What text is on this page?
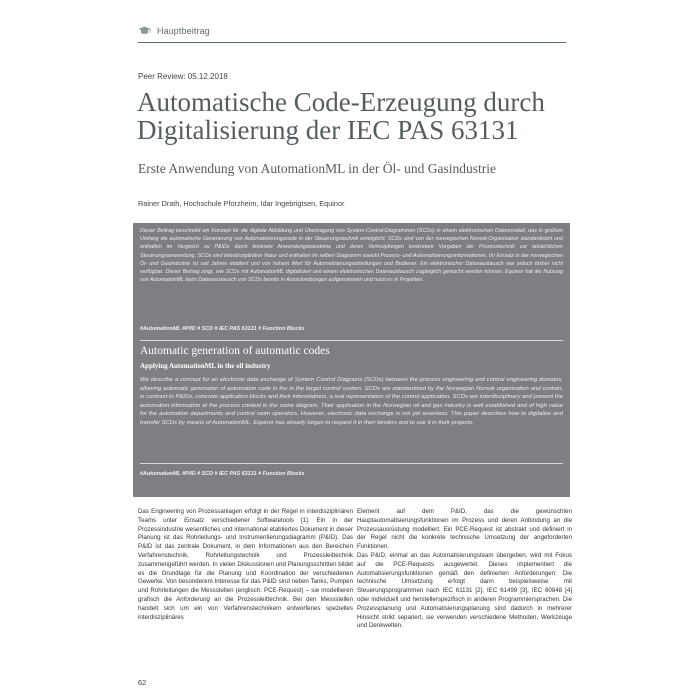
Hauptbeitrag
Peer Review: 05.12.2018
Automatische Code-Erzeugung durch Digitalisierung der IEC PAS 63131
Erste Anwendung von AutomationML in der Öl- und Gasindustrie
Rainer Drath, Hochschule Pforzheim, Idar Ingebrigtsen, Equinor
Dieser Beitrag beschreibt ein Konzept für die digitale Abbildung und Übertragung von System-Control-Diagrammen (SCDs) in einem elektronischen Datenmodell, das in großem Umfang die automatische Generierung von Automatisierungscode in der Steuerungstechnik ermöglicht. SCDs sind von der norwegischen Norsok-Organisation standardisiert und enthalten im Vergleich zu P&IDs durch konkrete Anwendungsbausteine und deren Verknüpfungen konkretere Vorgaben der Prozesstechnik zur tatsächlichen Steuerungsanwendung. SCDs sind interdisziplinärer Natur und enthalten im selben Diagramm sowohl Prozess- und Automatisierungsinformationen. Ihr Einsatz in der norwegischen Öl- und Gasindustrie ist seit Jahren etabliert und von hohem Wert für Automatisierungsabteilungen und Bediener. Ein elektronischer Datenaustausch war jedoch bisher nicht verfügbar. Dieser Beitrag zeigt, wie SCDs mit AutomationML digitalisiert und einem elektronischen Datenaustausch zugänglich gemacht werden können. Equinor hat die Nutzung von AutomationML beim Datenaustausch von SCDs bereits in Ausschreibungen aufgenommen und nutzt es in Projekten.
#AutomationML #P/ID # SCD # IEC PAS 63131 # Function Blocks
Automatic generation of automatic codes
Applying AutomationML in the oil industry
We describe a concept for an electronic data exchange of System Control Diagrams (SCDs) between the process engineering and control engineering domains, allowing automatic generation of automation code in the in the target control system. SCDs are standardized by the Norwegian Norsok organization and contain, in contrast to P&IDs, concrete application blocks and their interrelations, a real representation of the control application. SCDs are interdisciplinary and present the automation information at the process context in the same diagram. Their application in the Norwegian oil and gas industry is well established and of high value for the automation departments and control room operators. However, electronic data exchange is not yet seamless. This paper describes how to digitalize and transfer SCDs by means of AutomationML. Equinor has already begun to request it in their tenders and to use it in their projects.
#AutomationML #P/ID # SCD # IEC PAS 63131 # Function Blocks

Das Engineering von Prozessanlagen erfolgt in der Regel in interdisziplinären Teams unter Einsatz verschiedener Softwaretools [1]. Ein in der Prozessindustrie wesentliches und international etabliertes Dokument in dieser Planung ist das Rohrleitungs- und Instrumentierungsdiagramm (P&ID). Das P&ID ist das zentrale Dokument, in dem Informationen aus den Bereichen Verfahrenstechnik, Rohrleitungstechnik und Prozessleittechnik zusammengeführt werden. In vielen Diskussionen und Planungsschritten bildet es die Grundlage für die Planung und Koordination der verschiedenen Gewerke. Von besonderem Interesse für das P&ID sind neben Tanks, Pumpen und Rohrleitungen die Messstellen (englisch: PCE-Request) – sie modellieren grafisch die Anforderung an die Prozessleittechnik. Bei den Messstellen handelt sich um ein von Verfahrenstechnikern entworfenes spezielles interdisziplinäres

Element auf dem P&ID, das die gewünschten Hauptautomatisierungsfunktionen im Prozess und deren Anbindung an die Prozessausrüstung modelliert. Ein PCE-Request ist abstrakt und definiert in der Regel nicht die konkrete technische Umsetzung der angeforderten Funktionen.

Das P&ID, einmal an das Automatisierungsteam übergeben, wird mit Fokus auf die PCE-Requests ausgewertet. Dieses implementiert die Automatisierungsfunktionen gemäß den definierten Anforderungen: Die technische Umsetzung erfolgt dann beispielsweise mit Steuerungsprogrammen nach IEC 61131 [2], IEC 61499 [3], IEC 60848 [4] oder individuell und herstellerspezifisch in anderen Programmiersprachen. Die Prozessplanung und Automatisierungsplanung sind dadurch in mehrerer Hinsicht strikt separiert, sie verwenden verschiedene Methoden, Werkzeuge und Denkwelten.

62
